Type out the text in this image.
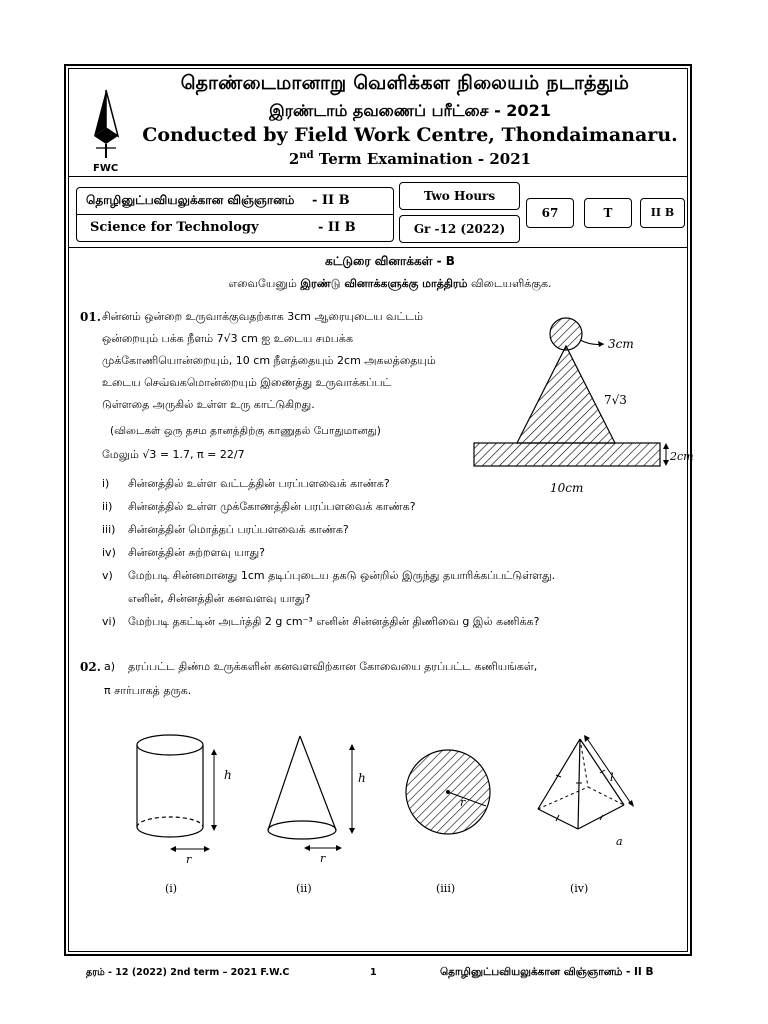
FWC
தொண்டைமானாறு வெளிக்கள நிலையம் நடாத்தும்
இரண்டாம் தவணைப் பரீட்சை - 2021
Conducted by Field Work Centre, Thondaimanaru.
2nd Term Examination - 2021
தொழினுட்பவியலுக்கான விஞ்ஞானம் - II B
Science for Technology	- II B
Two Hours
Gr -12 (2022)
67	T	II B
கட்டுரை வினாக்கள் - B
எவையேனும் இரண்டு வினாக்களுக்கு மாத்திரம் விடையளிக்குக.
01. சின்னம் ஒன்றை உருவாக்குவதற்காக 3cm ஆரையுடைய வட்டம்
ஒன்றையும் பக்க நீளம் 7√3 cm ஐ உடைய சமபக்க
முக்கோணியொன்றையும், 10 cm நீளத்தையும் 2cm அகலத்தையும்
உடைய செவ்வகமொன்றையும் இணைத்து உருவாக்கப்பட்
டுள்ளதை அருகில் உள்ள உரு காட்டுகிறது.
(விடைகள் ஒரு தசம தானத்திற்கு காணுதல் போதுமானது)
மேலும் √3 = 1.7, π = 22/7
i) சின்னத்தில் உள்ள வட்டத்தின் பரப்பளவைக் காண்க?
ii) சின்னத்தில் உள்ள முக்கோணத்தின் பரப்பளவைக் காண்க?
iii) சின்னத்தின் மொத்தப் பரப்பளவைக் காண்க?
iv) சின்னத்தின் சுற்றளவு யாது?
v) மேற்படி சின்னமானது 1cm தடிப்புடைய தகடு ஒன்றில் இருந்து தயாரிக்கப்பட்டுள்ளது.
எனின், சின்னத்தின் கனவளவு யாது?
vi) மேற்படி தகட்டின் அடர்த்தி 2 g cm⁻³ எனின் சின்னத்தின் திணிவை g இல் கணிக்க?
3cm
7√3
2cm
10cm
02. a) தரப்பட்ட திண்ம உருக்களின் கனவளவிற்கான கோவையை தரப்பட்ட கணியங்கள்,
π சார்பாகத் தருக.
h
r
(i)
h
r
(ii)
r
(iii)
l
a
(iv)
தரம் - 12 (2022) 2nd term – 2021 F.W.C	1	தொழினுட்பவியலுக்கான விஞ்ஞானம் - II B
